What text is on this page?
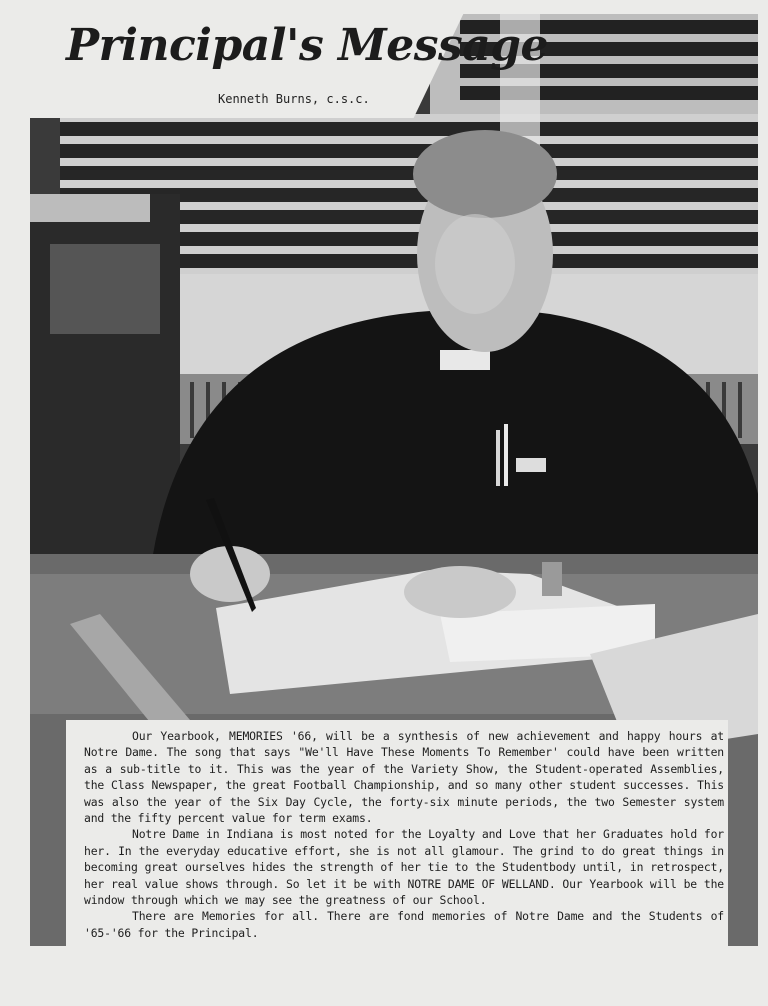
Principal's Message
Kenneth Burns, c.s.c.

Our Yearbook, MEMORIES '66, will be a synthesis of new achievement and happy hours at Notre Dame. The song that says "We'll Have These Moments To Remember' could have been written as a sub-title to it. This was the year of the Variety Show, the Student-operated Assemblies, the Class Newspaper, the great Football Championship, and so many other student successes. This was also the year of the Six Day Cycle, the forty-six minute periods, the two Semester system and the fifty percent value for term exams.

Notre Dame in Indiana is most noted for the Loyalty and Love that her Graduates hold for her. In the everyday educative effort, she is not all glamour. The grind to do great things in becoming great ourselves hides the strength of her tie to the Studentbody until, in retrospect, her real value shows through. So let it be with NOTRE DAME OF WELLAND. Our Yearbook will be the window through which we may see the greatness of our School.

There are Memories for all. There are fond memories of Notre Dame and the Students of '65-'66 for the Principal.
